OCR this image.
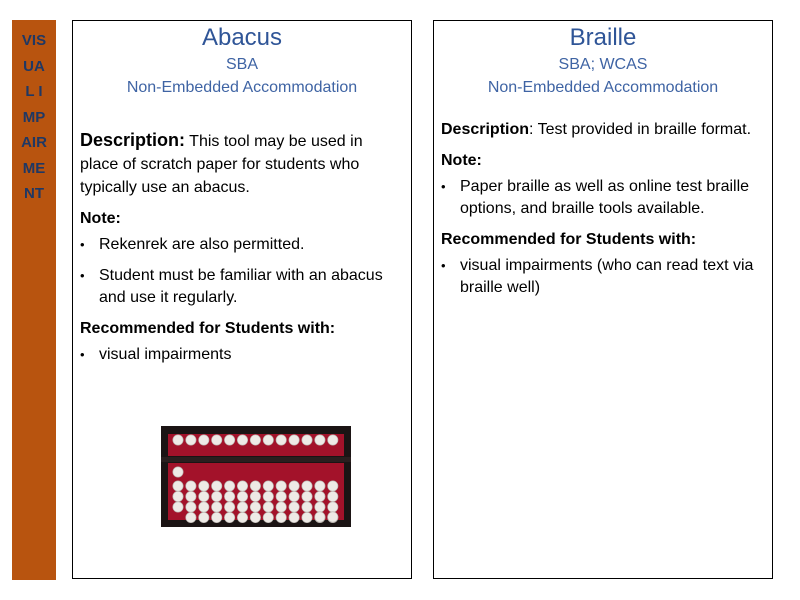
VIS
UA
L I
MP
AIR
ME
NT
Abacus
SBA
Non-Embedded Accommodation
Description: This tool may be used in place of scratch paper for students who typically use an abacus.
Note:
• Rekenrek are also permitted.
• Student must be familiar with an abacus and use it regularly.
Recommended for Students with:
• visual impairments
Braille
SBA; WCAS
Non-Embedded Accommodation
Description: Test provided in braille format.
Note:
• Paper braille as well as online test braille options, and braille tools available.
Recommended for Students with:
• visual impairments (who can read text via braille well)
